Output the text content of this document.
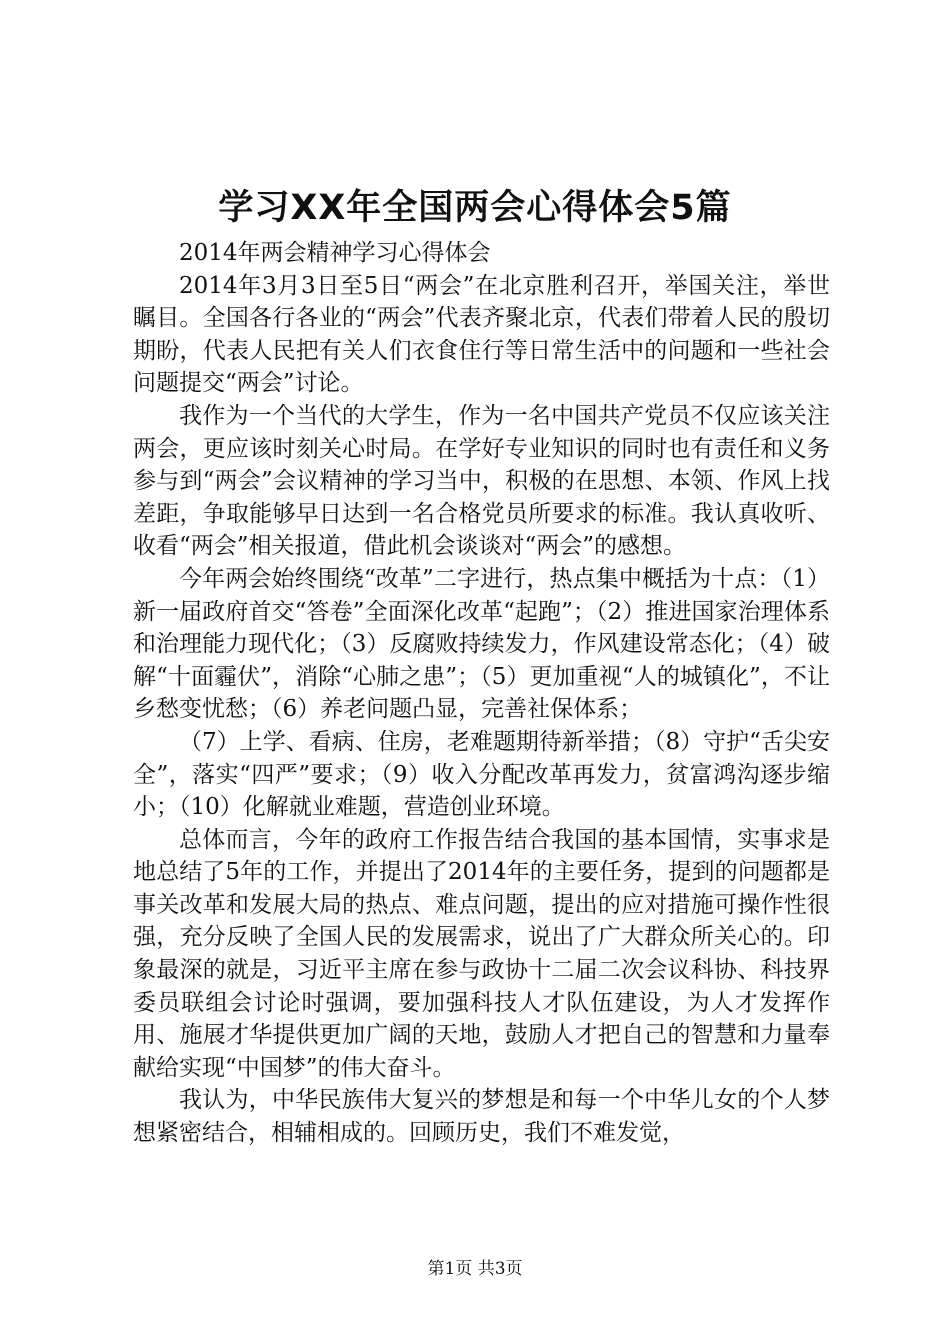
学习XX年全国两会心得体会5篇

2014年两会精神学习心得体会

2014年3月3日至5日“两会”在北京胜利召开，举国关注，举世瞩目。全国各行各业的“两会”代表齐聚北京，代表们带着人民的殷切期盼，代表人民把有关人们衣食住行等日常生活中的问题和一些社会问题提交“两会”讨论。

我作为一个当代的大学生，作为一名中国共产党员不仅应该关注两会，更应该时刻关心时局。在学好专业知识的同时也有责任和义务参与到“两会”会议精神的学习当中，积极的在思想、本领、作风上找差距，争取能够早日达到一名合格党员所要求的标准。我认真收听、收看“两会”相关报道，借此机会谈谈对“两会”的感想。

今年两会始终围绕“改革”二字进行，热点集中概括为十点：（1）新一届政府首交“答卷”全面深化改革“起跑”；（2）推进国家治理体系和治理能力现代化；（3）反腐败持续发力，作风建设常态化；（4）破解“十面霾伏”，消除“心肺之患”；（5）更加重视“人的城镇化”，不让乡愁变忧愁；（6）养老问题凸显，完善社保体系；

（7）上学、看病、住房，老难题期待新举措；（8）守护“舌尖安全”，落实“四严”要求；（9）收入分配改革再发力，贫富鸿沟逐步缩小；（10）化解就业难题，营造创业环境。

总体而言，今年的政府工作报告结合我国的基本国情，实事求是地总结了5年的工作，并提出了2014年的主要任务，提到的问题都是事关改革和发展大局的热点、难点问题，提出的应对措施可操作性很强，充分反映了全国人民的发展需求，说出了广大群众所关心的。印象最深的就是，习近平主席在参与政协十二届二次会议科协、科技界委员联组会讨论时强调，要加强科技人才队伍建设，为人才发挥作用、施展才华提供更加广阔的天地，鼓励人才把自己的智慧和力量奉献给实现“中国梦”的伟大奋斗。

我认为，中华民族伟大复兴的梦想是和每一个中华儿女的个人梦想紧密结合，相辅相成的。回顾历史，我们不难发觉，

第1页 共3页
